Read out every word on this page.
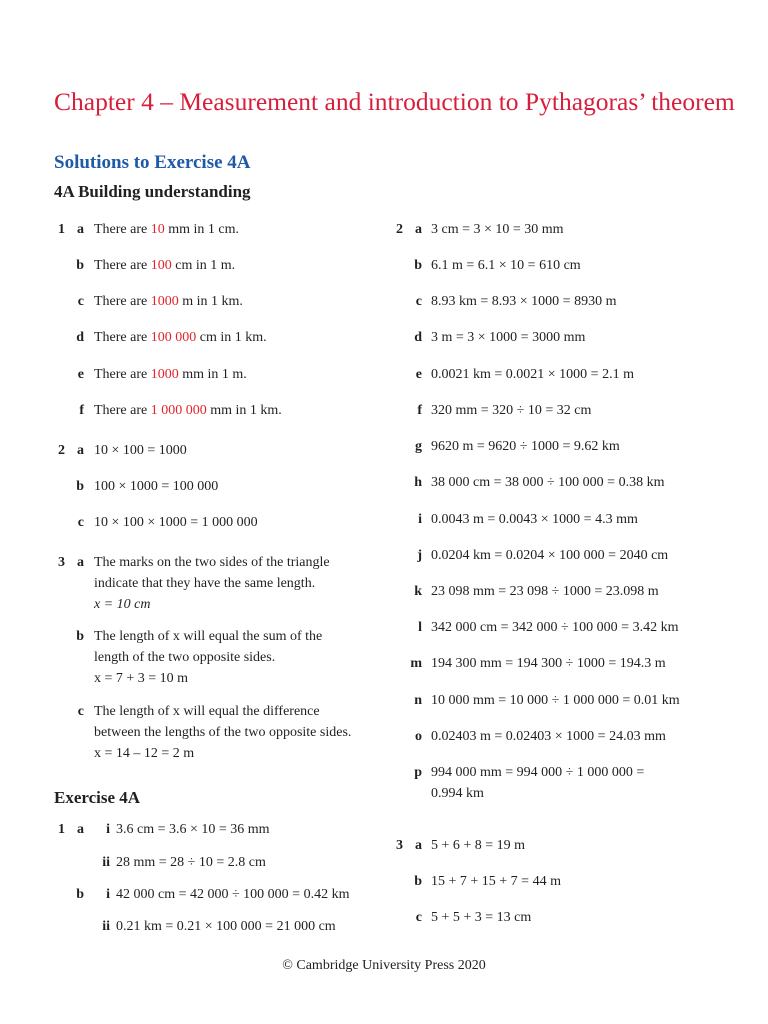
Chapter 4 – Measurement and introduction to Pythagoras’ theorem
Solutions to Exercise 4A
4A Building understanding
1 a There are 10 mm in 1 cm.
b There are 100 cm in 1 m.
c There are 1000 m in 1 km.
d There are 100 000 cm in 1 km.
e There are 1000 mm in 1 m.
f There are 1 000 000 mm in 1 km.
2 a 10 × 100 = 1000
b 100 × 1000 = 100 000
c 10 × 100 × 1000 = 1 000 000
3 a The marks on the two sides of the triangle
indicate that they have the same length.
x = 10 cm
b The length of x will equal the sum of the
length of the two opposite sides.
x = 7 + 3 = 10 m
c The length of x will equal the difference
between the lengths of the two opposite sides.
x = 14 – 12 = 2 m
Exercise 4A
1 a	i 3.6 cm = 3.6 × 10 = 36 mm
ii 28 mm = 28 ÷ 10 = 2.8 cm
b	i 42 000 cm = 42 000 ÷ 100 000 = 0.42 km
ii 0.21 km = 0.21 × 100 000 = 21 000 cm
2 a 3 cm = 3 × 10 = 30 mm
b 6.1 m = 6.1 × 10 = 610 cm
c 8.93 km = 8.93 × 1000 = 8930 m
d 3 m = 3 × 1000 = 3000 mm
e 0.0021 km = 0.0021 × 1000 = 2.1 m
f 320 mm = 320 ÷ 10 = 32 cm
g 9620 m = 9620 ÷ 1000 = 9.62 km
h 38 000 cm = 38 000 ÷ 100 000 = 0.38 km
i 0.0043 m = 0.0043 × 1000 = 4.3 mm
j 0.0204 km = 0.0204 × 100 000 = 2040 cm
k 23 098 mm = 23 098 ÷ 1000 = 23.098 m
l 342 000 cm = 342 000 ÷ 100 000 = 3.42 km
m 194 300 mm = 194 300 ÷ 1000 = 194.3 m
n 10 000 mm = 10 000 ÷ 1 000 000 = 0.01 km
o 0.02403 m = 0.02403 × 1000 = 24.03 mm
p 994 000 mm = 994 000 ÷ 1 000 000 =
0.994 km
3 a 5 + 6 + 8 = 19 m
b 15 + 7 + 15 + 7 = 44 m
c 5 + 5 + 3 = 13 cm
© Cambridge University Press 2020
